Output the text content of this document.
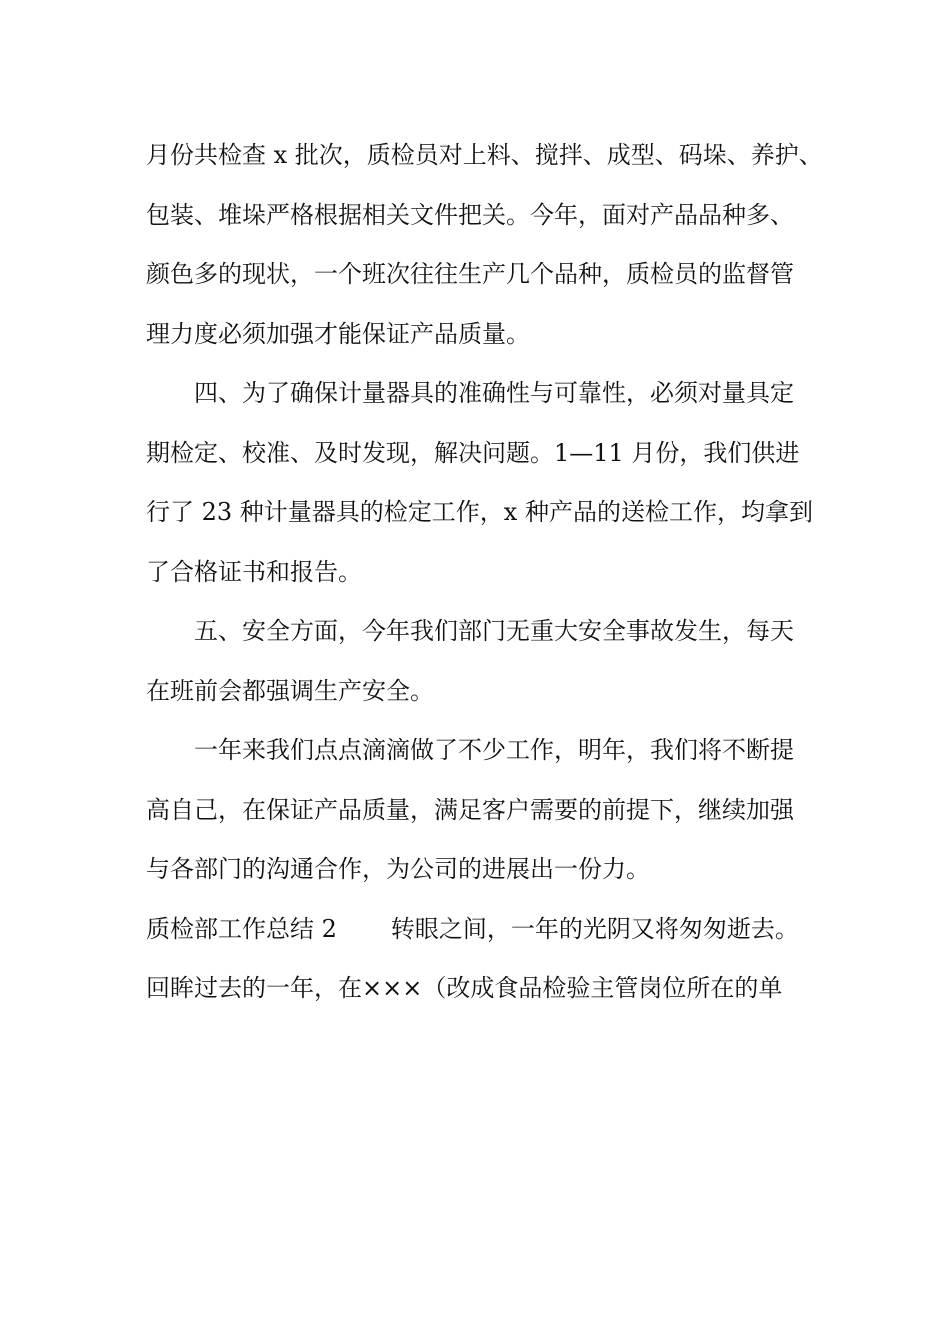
月份共检查 x 批次，质检员对上料、搅拌、成型、码垛、养护、
包装、堆垛严格根据相关文件把关。今年，面对产品品种多、
颜色多的现状，一个班次往往生产几个品种，质检员的监督管
理力度必须加强才能保证产品质量。
四、为了确保计量器具的准确性与可靠性，必须对量具定
期检定、校准、及时发现，解决问题。1—11 月份，我们供进
行了 23 种计量器具的检定工作，x 种产品的送检工作，均拿到
了合格证书和报告。
五、安全方面，今年我们部门无重大安全事故发生，每天
在班前会都强调生产安全。
一年来我们点点滴滴做了不少工作，明年，我们将不断提
高自己，在保证产品质量，满足客户需要的前提下，继续加强
与各部门的沟通合作，为公司的进展出一份力。
质检部工作总结 2 转眼之间，一年的光阴又将匆匆逝去。
回眸过去的一年，在×××（改成食品检验主管岗位所在的单
